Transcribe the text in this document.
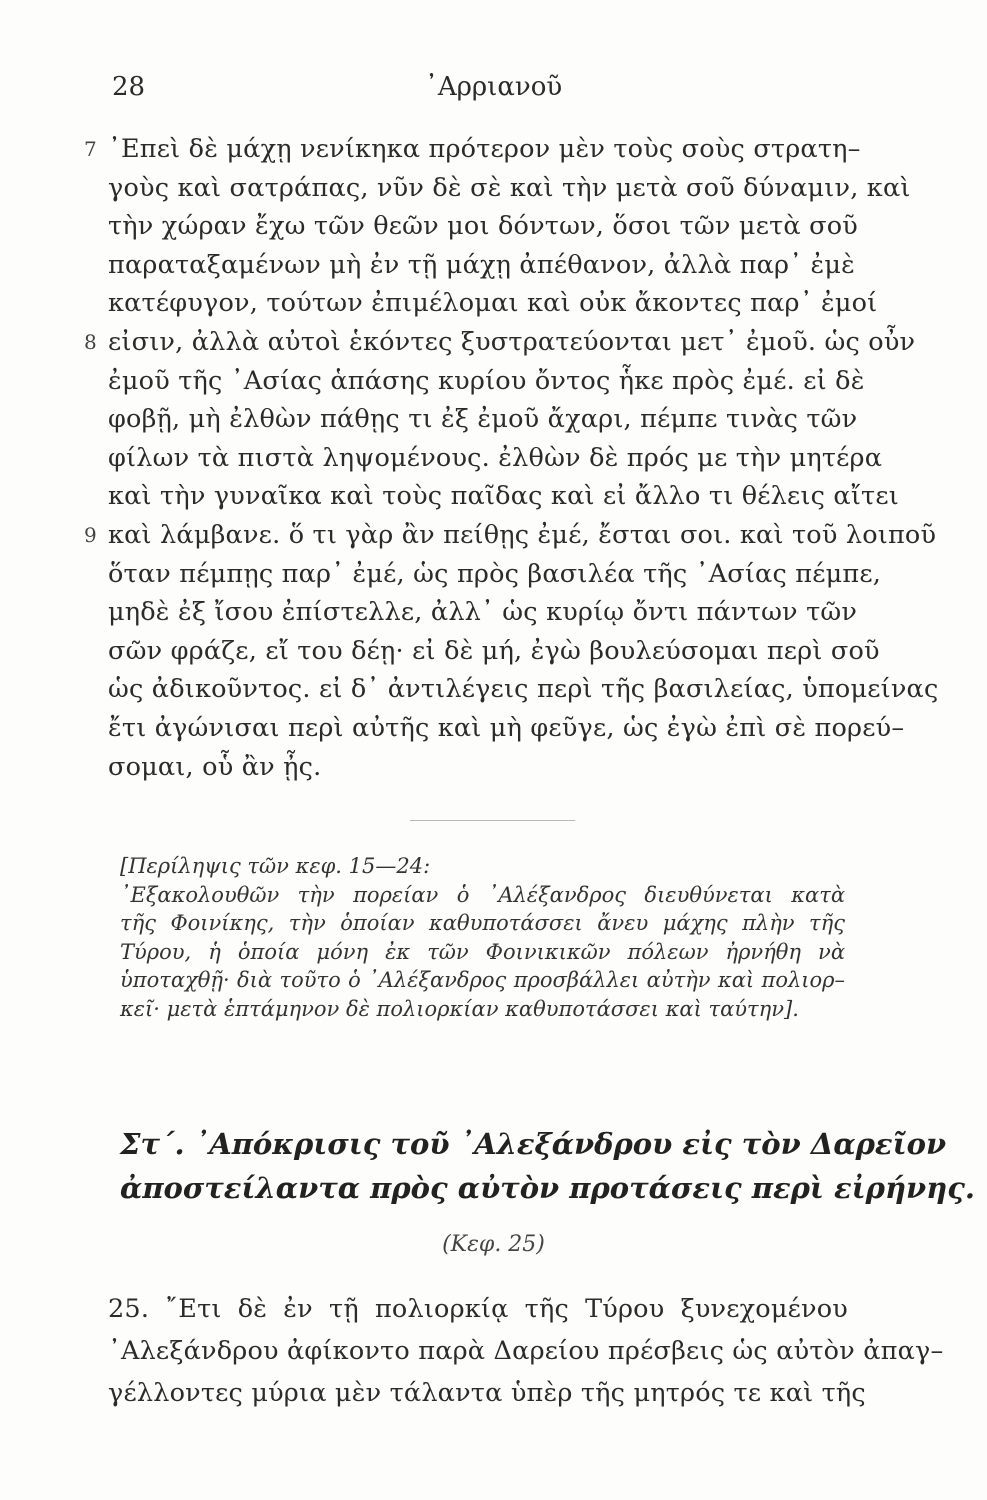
28	᾿Αρριανοῦ
7 ᾿Επεὶ δὲ μάχῃ νενίκηκα πρότερον μὲν τοὺς σοὺς στρατη–
γοὺς καὶ σατράπας, νῦν δὲ σὲ καὶ τὴν μετὰ σοῦ δύναμιν, καὶ
τὴν χώραν ἔχω τῶν θεῶν μοι δόντων, ὅσοι τῶν μετὰ σοῦ
παραταξαμένων μὴ ἐν τῇ μάχῃ ἀπέθανον, ἀλλὰ παρ᾿ ἐμὲ
κατέφυγον, τούτων ἐπιμέλομαι καὶ οὐκ ἄκοντες παρ᾿ ἐμοί
8 εἰσιν, ἀλλὰ αὐτοὶ ἑκόντες ξυστρατεύονται μετ᾿ ἐμοῦ. ὡς οὖν
ἐμοῦ τῆς ᾿Ασίας ἁπάσης κυρίου ὄντος ἧκε πρὸς ἐμέ. εἰ δὲ
φοβῇ, μὴ ἐλθὼν πάθῃς τι ἐξ ἐμοῦ ἄχαρι, πέμπε τινὰς τῶν
φίλων τὰ πιστὰ ληψομένους. ἐλθὼν δὲ πρός με τὴν μητέρα
καὶ τὴν γυναῖκα καὶ τοὺς παῖδας καὶ εἰ ἄλλο τι θέλεις αἴτει
9 καὶ λάμβανε. ὅ τι γὰρ ἂν πείθῃς ἐμέ, ἔσται σοι. καὶ τοῦ λοιποῦ
ὅταν πέμπῃς παρ᾿ ἐμέ, ὡς πρὸς βασιλέα τῆς ᾿Ασίας πέμπε,
μηδὲ ἐξ ἴσου ἐπίστελλε, ἀλλ᾿ ὡς κυρίῳ ὄντι πάντων τῶν
σῶν φράζε, εἴ του δέῃ· εἰ δὲ μή, ἐγὼ βουλεύσομαι περὶ σοῦ
ὡς ἀδικοῦντος. εἰ δ᾿ ἀντιλέγεις περὶ τῆς βασιλείας, ὑπομείνας
ἔτι ἀγώνισαι περὶ αὐτῆς καὶ μὴ φεῦγε, ὡς ἐγὼ ἐπὶ σὲ πορεύ–
σομαι, οὗ ἂν ᾖς.
[Περίληψις τῶν κεφ. 15—24:
᾿Εξακολουθῶν τὴν πορείαν ὁ ᾿Αλέξανδρος διευθύνεται κατὰ
τῆς Φοινίκης, τὴν ὁποίαν καθυποτάσσει ἄνευ μάχης πλὴν τῆς
Τύρου, ἡ ὁποία μόνη ἐκ τῶν Φοινικικῶν πόλεων ἠρνήθη νὰ
ὑποταχθῇ· διὰ τοῦτο ὁ ᾿Αλέξανδρος προσβάλλει αὐτὴν καὶ πολιορ–
κεῖ· μετὰ ἑπτάμηνον δὲ πολιορκίαν καθυποτάσσει καὶ ταύτην].
Στ΄. ᾿Απόκρισις τοῦ ᾿Αλεξάνδρου εἰς τὸν Δαρεῖον
ἀποστείλαντα πρὸς αὐτὸν προτάσεις περὶ εἰρήνης.
(Κεφ. 25)
25. ῎Ετι δὲ ἐν τῇ πολιορκίᾳ τῆς Τύρου ξυνεχομένου
᾿Αλεξάνδρου ἀφίκοντο παρὰ Δαρείου πρέσβεις ὡς αὐτὸν ἀπαγ–
γέλλοντες μύρια μὲν τάλαντα ὑπὲρ τῆς μητρός τε καὶ τῆς
